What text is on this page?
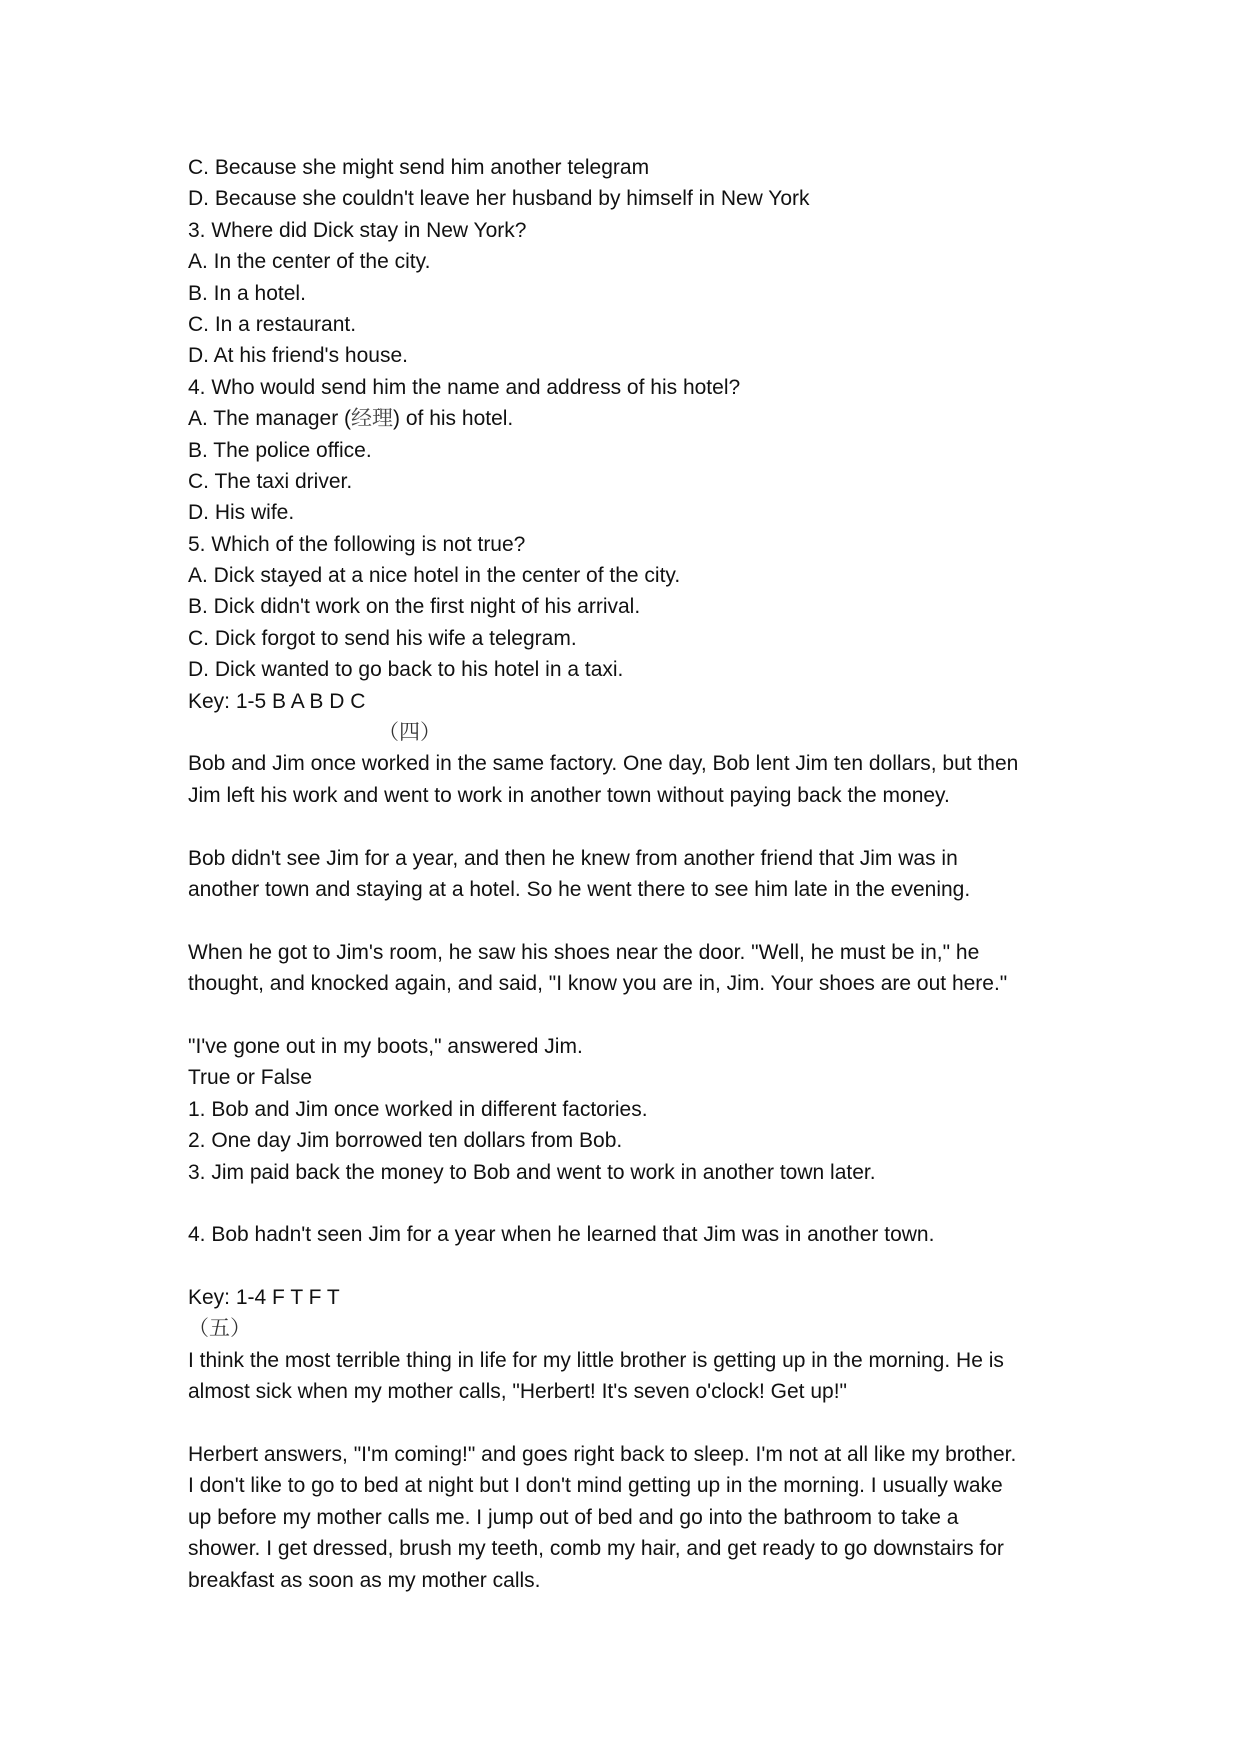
C. Because she might send him another telegram
D. Because she couldn't leave her husband by himself in New York
3. Where did Dick stay in New York?
A. In the center of the city.
B. In a hotel.
C. In a restaurant.
D. At his friend's house.
4. Who would send him the name and address of his hotel?
A. The manager (经理) of his hotel.
B. The police office.
C. The taxi driver.
D. His wife.
5. Which of the following is not true?
A. Dick stayed at a nice hotel in the center of the city.
B. Dick didn't work on the first night of his arrival.
C. Dick forgot to send his wife a telegram.
D. Dick wanted to go back to his hotel in a taxi.
Key: 1-5 B A B D C
（四）
Bob and Jim once worked in the same factory. One day, Bob lent Jim ten dollars, but then
Jim left his work and went to work in another town without paying back the money.
Bob didn't see Jim for a year, and then he knew from another friend that Jim was in
another town and staying at a hotel. So he went there to see him late in the evening.
When he got to Jim's room, he saw his shoes near the door. "Well, he must be in," he
thought, and knocked again, and said, "I know you are in, Jim. Your shoes are out here."
"I've gone out in my boots," answered Jim.
True or False
1. Bob and Jim once worked in different factories.
2. One day Jim borrowed ten dollars from Bob.
3. Jim paid back the money to Bob and went to work in another town later.
4. Bob hadn't seen Jim for a year when he learned that Jim was in another town.
Key: 1-4 F T F T
（五）
I think the most terrible thing in life for my little brother is getting up in the morning. He is
almost sick when my mother calls, "Herbert! It's seven o'clock! Get up!"
Herbert answers, "I'm coming!" and goes right back to sleep. I'm not at all like my brother.
I don't like to go to bed at night but I don't mind getting up in the morning. I usually wake
up before my mother calls me. I jump out of bed and go into the bathroom to take a
shower. I get dressed, brush my teeth, comb my hair, and get ready to go downstairs for
breakfast as soon as my mother calls.
